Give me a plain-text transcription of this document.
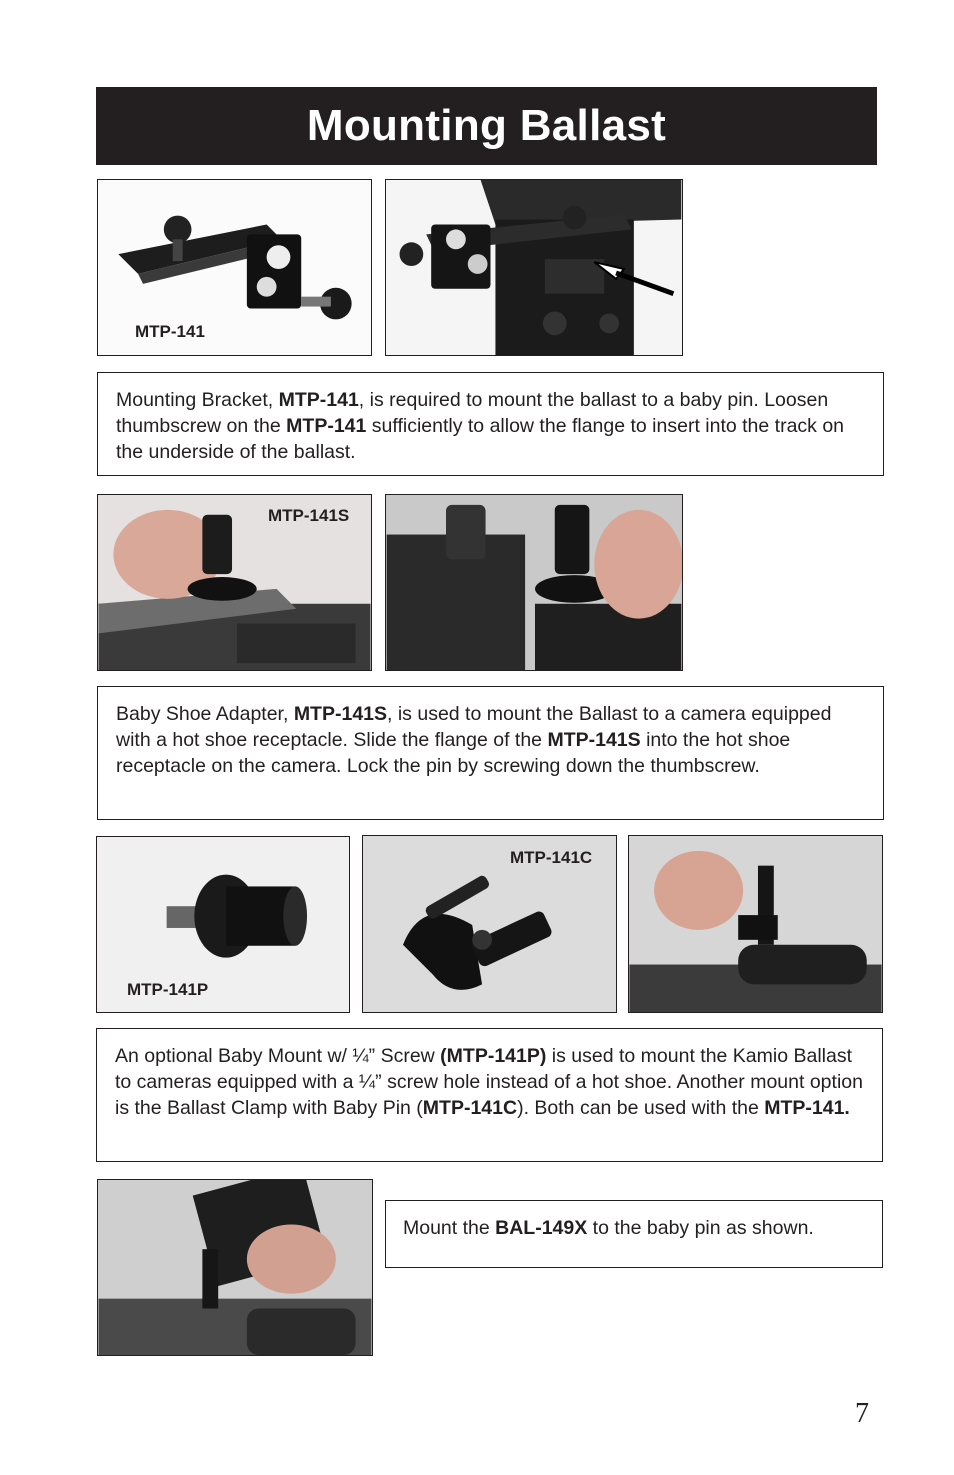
Mounting Ballast
MTP-141
Mounting Bracket, MTP-141, is required to mount the ballast to a baby pin. Loosen thumbscrew on the MTP-141 sufficiently to allow the flange to insert into the track on the underside of the ballast.
MTP-141S
Baby Shoe Adapter, MTP-141S, is used to mount the Ballast to a camera equipped with a hot shoe receptacle. Slide the flange of the MTP-141S into the hot shoe receptacle on the camera. Lock the pin by screwing down the thumbscrew.
MTP-141P
MTP-141C
An optional Baby Mount w/ ¼” Screw (MTP-141P) is used to mount the Kamio Ballast to cameras equipped with a ¼” screw hole instead of a hot shoe. Another mount option is the Ballast Clamp with Baby Pin (MTP-141C). Both can be used with the MTP-141.
Mount the BAL-149X to the baby pin as shown.
7
